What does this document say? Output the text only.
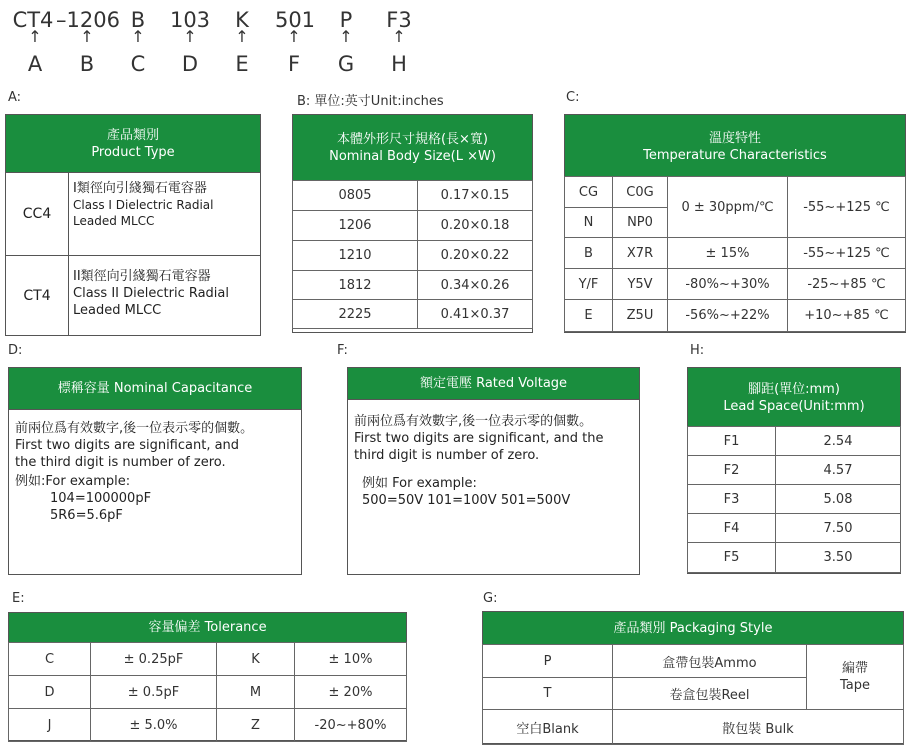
CT4 –1206 B	103	K	501	P	F3
↑ ↑ ↑ ↑ ↑ ↑ ↑ ↑
A	B	C	D	E	F	G	H
A:
產品類別
Product Type
CC4
I類徑向引綫獨石電容器
Class I Dielectric Radial
Leaded MLCC
CT4
II類徑向引綫獨石電容器
Class II Dielectric Radial
Leaded MLCC
B: 單位:英寸Unit:inches
本體外形尺寸規格(長×寬)
Nominal Body Size(L ×W)
0805	0.17×0.15
1206	0.20×0.18
1210	0.20×0.22
1812	0.34×0.26
2225	0.41×0.37
C:
溫度特性
Temperature Characteristics
CG	C0G	0 ± 30ppm/℃	-55~+125 ℃
N	NP0		
B	X7R	± 15%	-55~+125 ℃
Y/F	Y5V	-80%~+30%	-25~+85 ℃
E	Z5U	-56%~+22%	+10~+85 ℃
D:
標稱容量 Nominal Capacitance
前兩位爲有效數字,後一位表示零的個數。
First two digits are significant, and
the third digit is number of zero.
例如:For example:
104=100000pF
5R6=5.6pF
F:
額定電壓 Rated Voltage
前兩位爲有效數字,後一位表示零的個數。
First two digits are significant, and the
third digit is number of zero.
例如 For example:
500=50V 101=100V 501=500V
H:
腳距(單位:mm)
Lead Space(Unit:mm)
F1	2.54
F2	4.57
F3	5.08
F4	7.50
F5	3.50
E:
容量偏差 Tolerance
C	± 0.25pF	K	± 10%
D	± 0.5pF	M	± 20%
J	± 5.0%	Z	-20~+80%
G:
產品類別 Packaging Style
P	盒帶包裝Ammo	編帶
Tape

T	卷盒包裝Reel	
空白Blank	散包裝 Bulk	
